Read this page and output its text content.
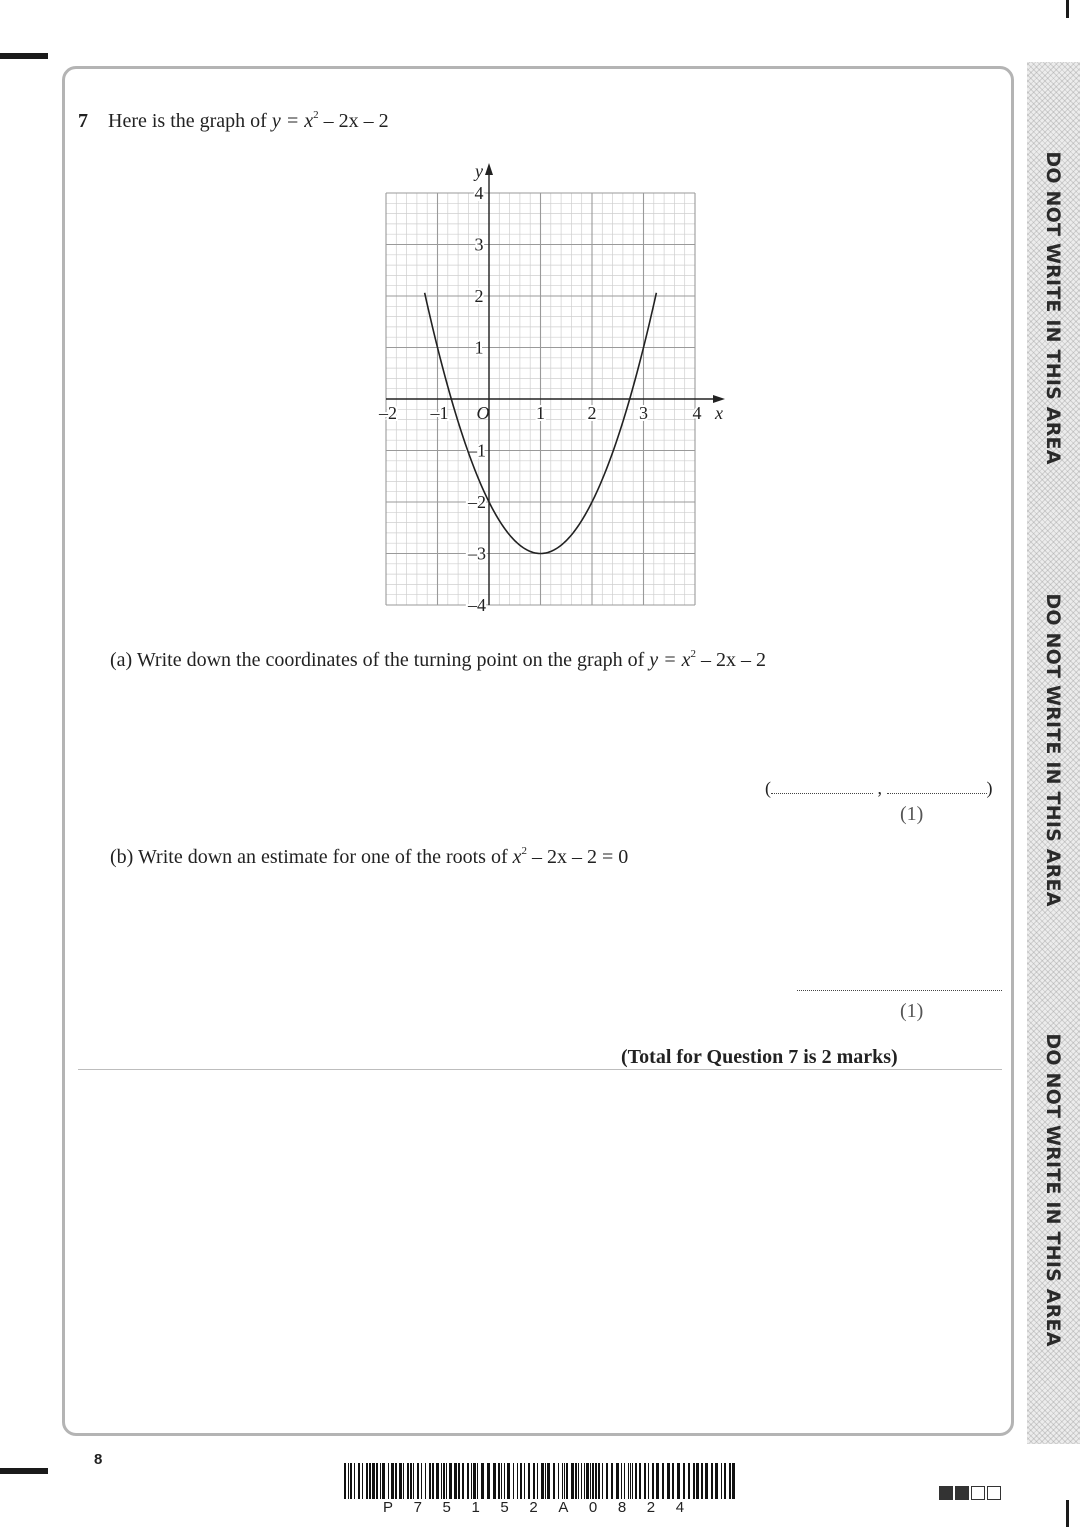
DO NOT WRITE IN THIS AREA
DO NOT WRITE IN THIS AREA
DO NOT WRITE IN THIS AREA
7 Here is the graph of $y = x^2 - 2x - 2$
x
y
O
–2 –1	1 2 3 4
4
3
2
1
–1
–2
–3
–4
(a) Write down the coordinates of the turning point on the graph of $y = x^2 - 2x - 2$
(	,	)
(1)
(b) Write down an estimate for one of the roots of $x^2 - 2x - 2 = 0$
(1)
(Total for Question 7 is 2 marks)
8
P75152A0824
